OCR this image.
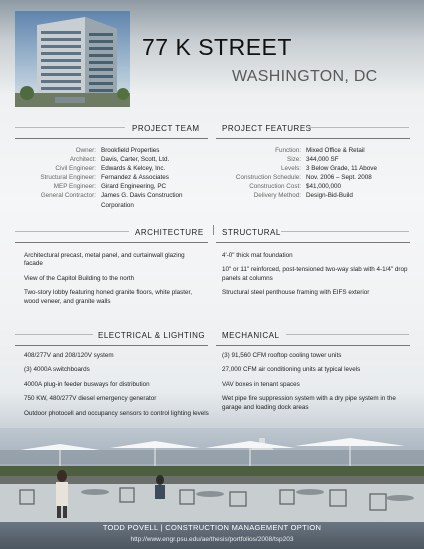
77 K STREET
WASHINGTON, DC
PROJECT TEAM
Owner: Brookfield Properties
Architect: Davis, Carter, Scott, Ltd.
Civil Engineer: Edwards & Kelcey, Inc.
Structural Engineer: Fernandez & Associates
MEP Engineer: Girard Engineering, PC
General Contractor: James G. Davis Construction
Corporation
PROJECT FEATURES
Function: Mixed Office & Retail
Size: 344,000 SF
Levels: 3 Below Grade, 11 Above
Construction Schedule: Nov. 2006 – Sept. 2008
Construction Cost: $41,000,000
Delivery Method: Design-Bid-Build
ARCHITECTURE

Architectural precast, metal panel, and curtainwall glazing facade

View of the Capitol Building to the north

Two-story lobby featuring honed granite floors, white plaster, wood veneer, and granite walls

STRUCTURAL

4'-0" thick mat foundation

10" or 11" reinforced, post-tensioned two-way slab with 4-1/4" drop panels at columns

Structural steel penthouse framing with EIFS exterior

ELECTRICAL & LIGHTING

408/277V and 208/120V system

(3) 4000A switchboards

4000A plug-in feeder busways for distribution

750 KW, 480/277V diesel emergency generator

Outdoor photocell and occupancy sensors to control lighting levels

MECHANICAL

(3) 91,560 CFM rooftop cooling tower units

27,000 CFM air conditioning units at typical levels

VAV boxes in tenant spaces

Wet pipe fire suppression system with a dry pipe system in the garage and loading dock areas

TODD POVELL | CONSTRUCTION MANAGEMENT OPTION
http://www.engr.psu.edu/ae/thesis/portfolios/2008/tsp203
